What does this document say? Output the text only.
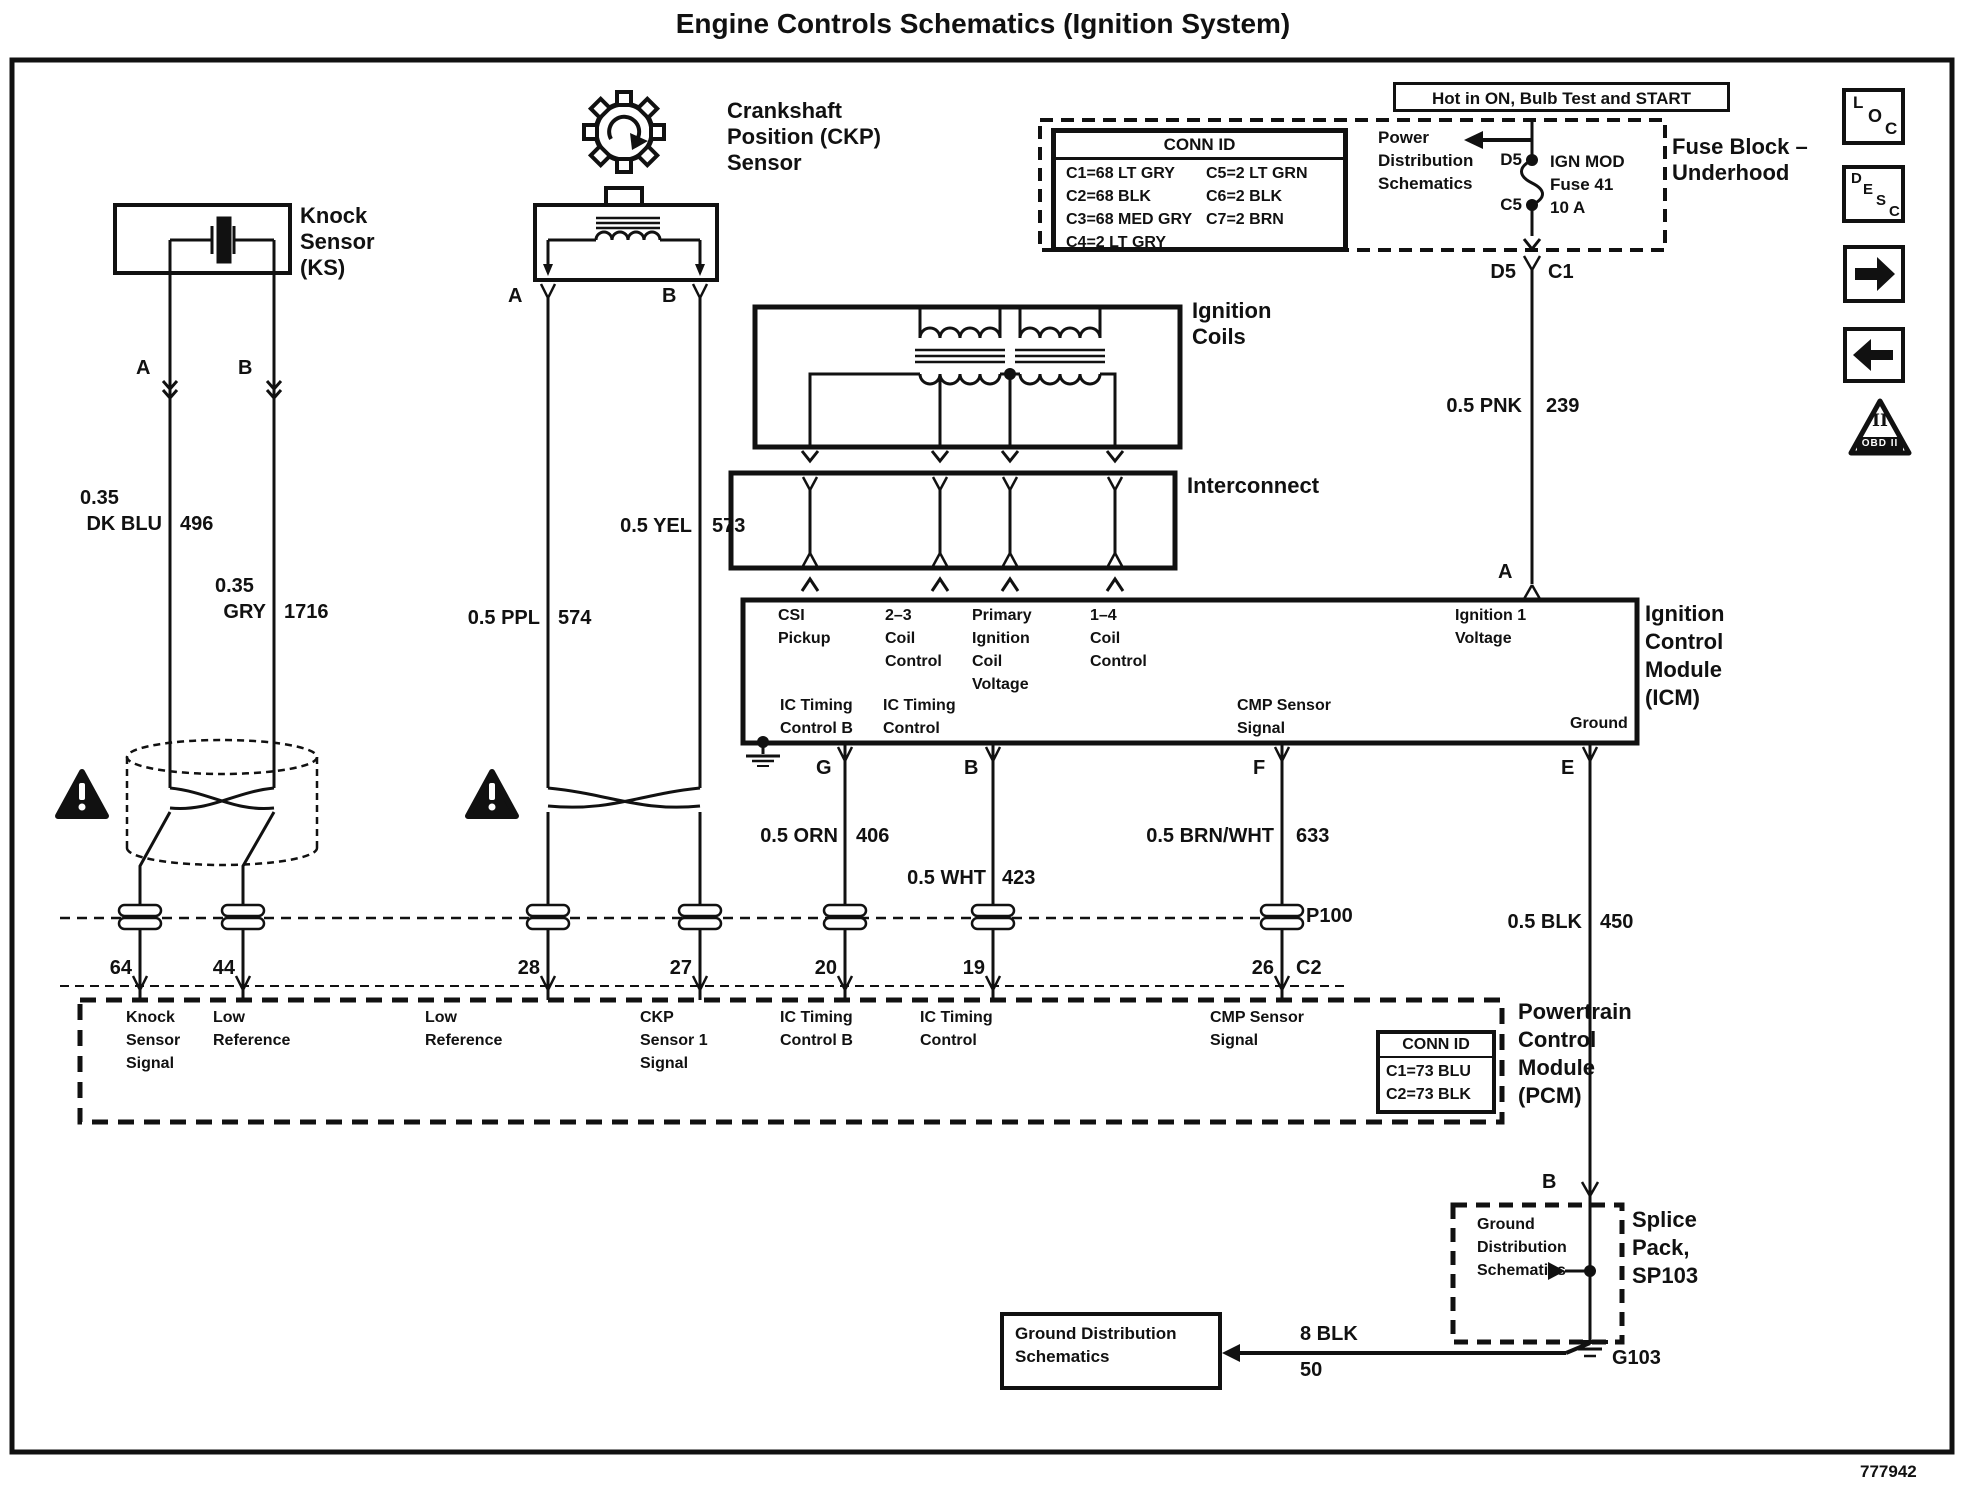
Engine Controls Schematics (Ignition System)
777942
Hot in ON, Bulb Test and START
CONN ID
C1=68 LT GRY
C2=68 BLK
C3=68 MED GRY
C4=2 LT GRY
C5=2 LT GRN
C6=2 BLK
C7=2 BRN
Power
Distribution
Schematics
D5
C5
IGN MOD
Fuse 41
10 A
D5 C1
Fuse Block –
Underhood
0.5 PNK 239
A
L
O
C
D
E
S
C
II
OBD II
Knock
Sensor
(KS)
A	B
0.35
DK BLU 496
0.35
GRY 1716
Crankshaft
Position (CKP)
Sensor
A	B
0.5 PPL 574
0.5 YEL 573
Ignition
Coils
Interconnect
CSI
Pickup
2–3
Coil
Control
Primary
Ignition
Coil
Voltage
1–4
Coil
Control
Ignition 1
Voltage
IC Timing
Control B
IC Timing
Control
CMP Sensor
Signal	Ground
Ignition
Control
Module
(ICM)
G	B	F	E
0.5 ORN 406
0.5 WHT 423
0.5 BRN/WHT 633
P100	0.5 BLK 450
64	44	28	27	20	19	26 C2
Knock
Sensor
Signal
Low
Reference
Low
Reference
CKP
Sensor 1
Signal
IC Timing
Control B
IC Timing
Control
CMP Sensor
Signal	CONN ID
C1=73 BLU
C2=73 BLK
Powertrain
Control
Module
(PCM)
B
Ground
Distribution
Schematics
Splice
Pack,
SP103
G103
Ground Distribution
Schematics
8 BLK
50
